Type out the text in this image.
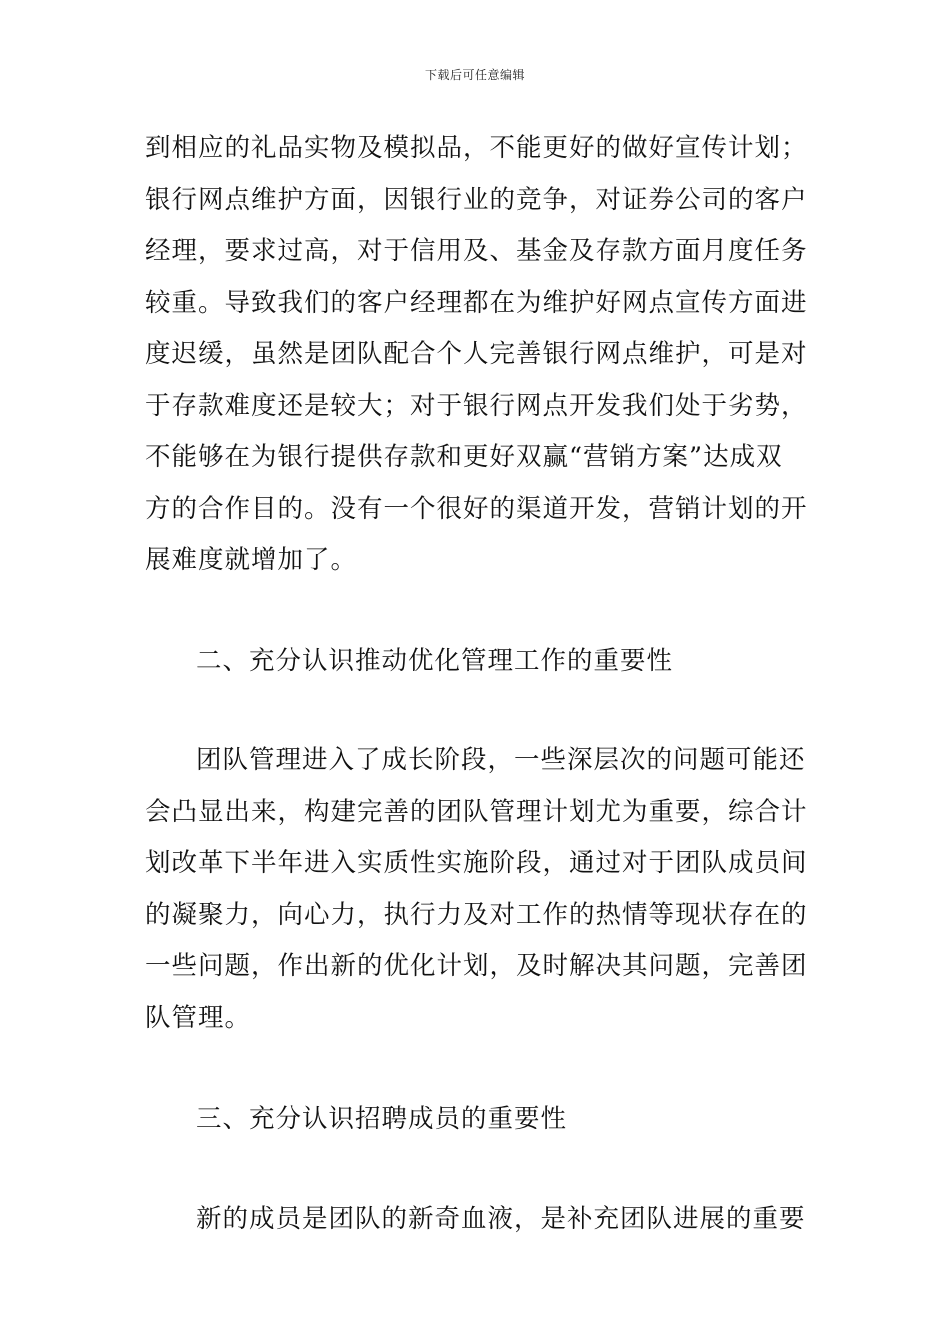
下载后可任意编辑
到相应的礼品实物及模拟品，不能更好的做好宣传计划；
银行网点维护方面，因银行业的竞争，对证券公司的客户
经理，要求过高，对于信用及、基金及存款方面月度任务
较重。导致我们的客户经理都在为维护好网点宣传方面进
度迟缓，虽然是团队配合个人完善银行网点维护，可是对
于存款难度还是较大；对于银行网点开发我们处于劣势，
不能够在为银行提供存款和更好双赢“营销方案”达成双
方的合作目的。没有一个很好的渠道开发，营销计划的开
展难度就增加了。
二、充分认识推动优化管理工作的重要性
团队管理进入了成长阶段，一些深层次的问题可能还
会凸显出来，构建完善的团队管理计划尤为重要，综合计
划改革下半年进入实质性实施阶段，通过对于团队成员间
的凝聚力，向心力，执行力及对工作的热情等现状存在的
一些问题，作出新的优化计划，及时解决其问题，完善团
队管理。
三、充分认识招聘成员的重要性
新的成员是团队的新奇血液，是补充团队进展的重要
